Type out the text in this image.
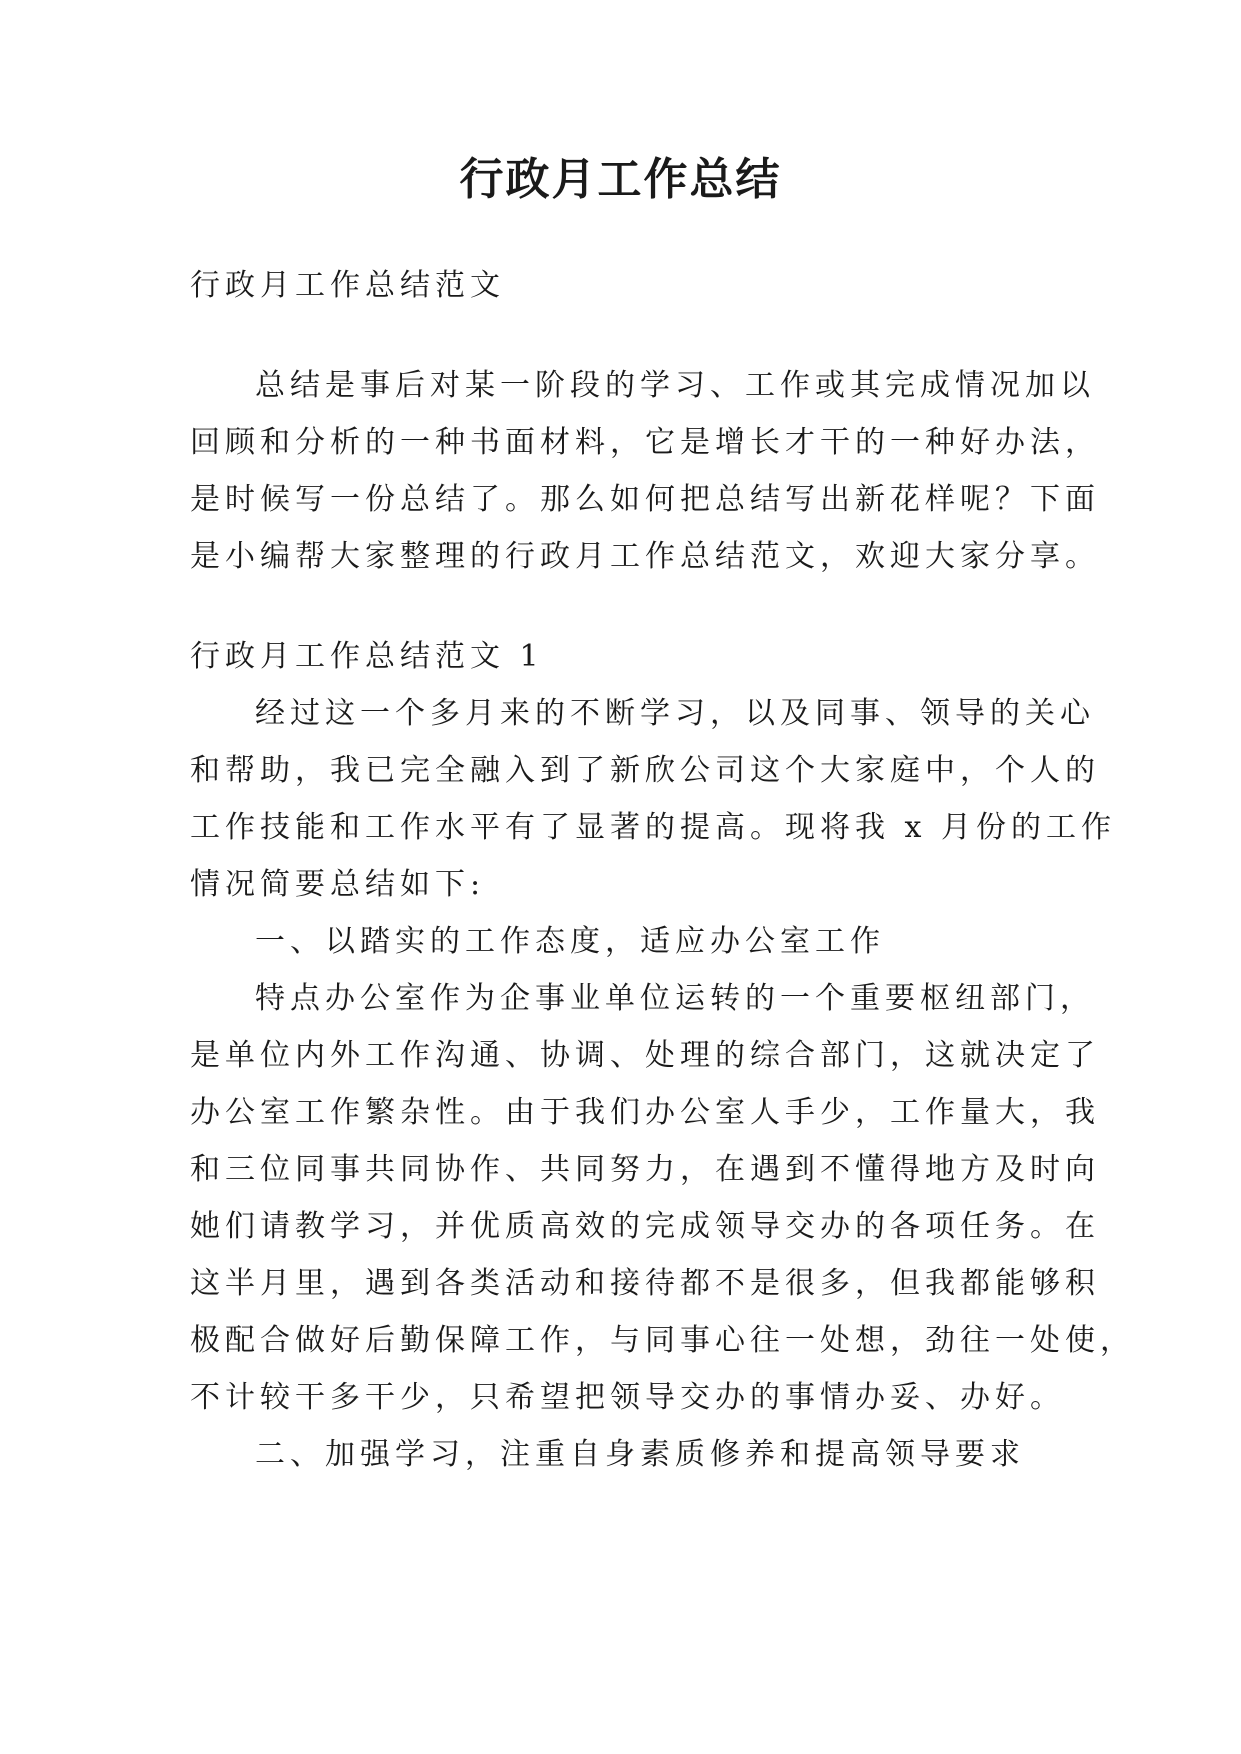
行政月工作总结

行政月工作总结范文

总结是事后对某一阶段的学习、工作或其完成情况加以

回顾和分析的一种书面材料，它是增长才干的一种好办法，

是时候写一份总结了。那么如何把总结写出新花样呢？下面

是小编帮大家整理的行政月工作总结范文，欢迎大家分享。

行政月工作总结范文 1

经过这一个多月来的不断学习，以及同事、领导的关心

和帮助，我已完全融入到了新欣公司这个大家庭中，个人的

工作技能和工作水平有了显著的提高。现将我 x 月份的工作

情况简要总结如下:

一、以踏实的工作态度，适应办公室工作

特点办公室作为企事业单位运转的一个重要枢纽部门，

是单位内外工作沟通、协调、处理的综合部门，这就决定了

办公室工作繁杂性。由于我们办公室人手少，工作量大，我

和三位同事共同协作、共同努力，在遇到不懂得地方及时向

她们请教学习，并优质高效的完成领导交办的各项任务。在

这半月里，遇到各类活动和接待都不是很多，但我都能够积

极配合做好后勤保障工作，与同事心往一处想，劲往一处使，

不计较干多干少，只希望把领导交办的事情办妥、办好。

二、加强学习，注重自身素质修养和提高领导要求
